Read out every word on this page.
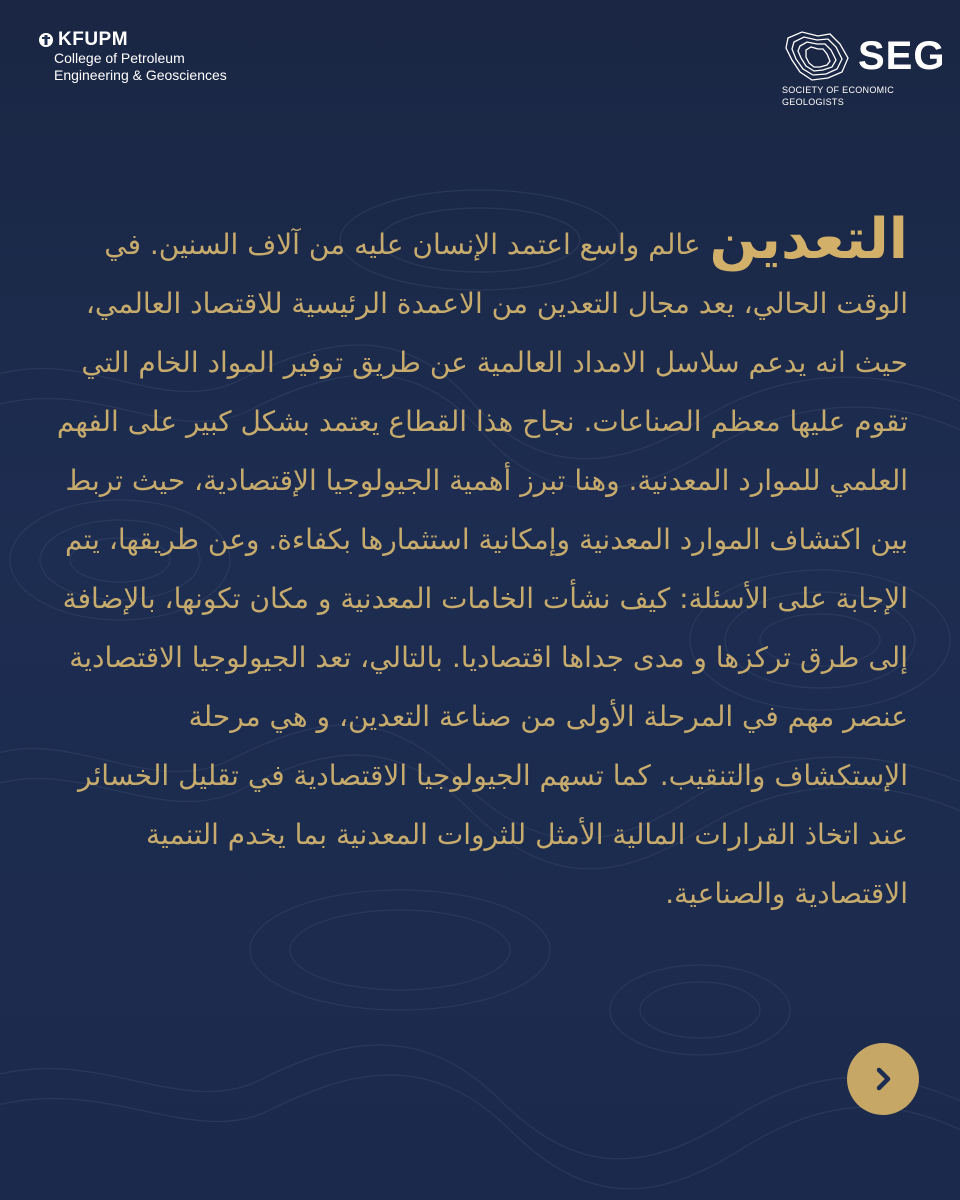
KFUPM
College of Petroleum
Engineering & Geosciences	SEG
SOCIETY OF ECONOMIC
GEOLOGISTS
التعدين عالم واسع اعتمد الإنسان عليه من آلاف السنين. في الوقت الحالي، يعد مجال التعدين من الاعمدة الرئيسية للاقتصاد العالمي، حيث انه يدعم سلاسل الامداد العالمية عن طريق توفير المواد الخام التي تقوم عليها معظم الصناعات. نجاح هذا القطاع يعتمد بشكل كبير على الفهم العلمي للموارد المعدنية. وهنا تبرز أهمية الجيولوجيا الإقتصادية، حيث تربط بين اكتشاف الموارد المعدنية وإمكانية استثمارها بكفاءة. وعن طريقها، يتم الإجابة على الأسئلة: كيف نشأت الخامات المعدنية و مكان تكونها، بالإضافة إلى طرق تركزها و مدى جداها اقتصاديا. بالتالي، تعد الجيولوجيا الاقتصادية عنصر مهم في المرحلة الأولى من صناعة التعدين، و هي مرحلة الإستكشاف والتنقيب. كما تسهم الجيولوجيا الاقتصادية في تقليل الخسائر عند اتخاذ القرارات المالية الأمثل للثروات المعدنية بما يخدم التنمية الاقتصادية والصناعية.
